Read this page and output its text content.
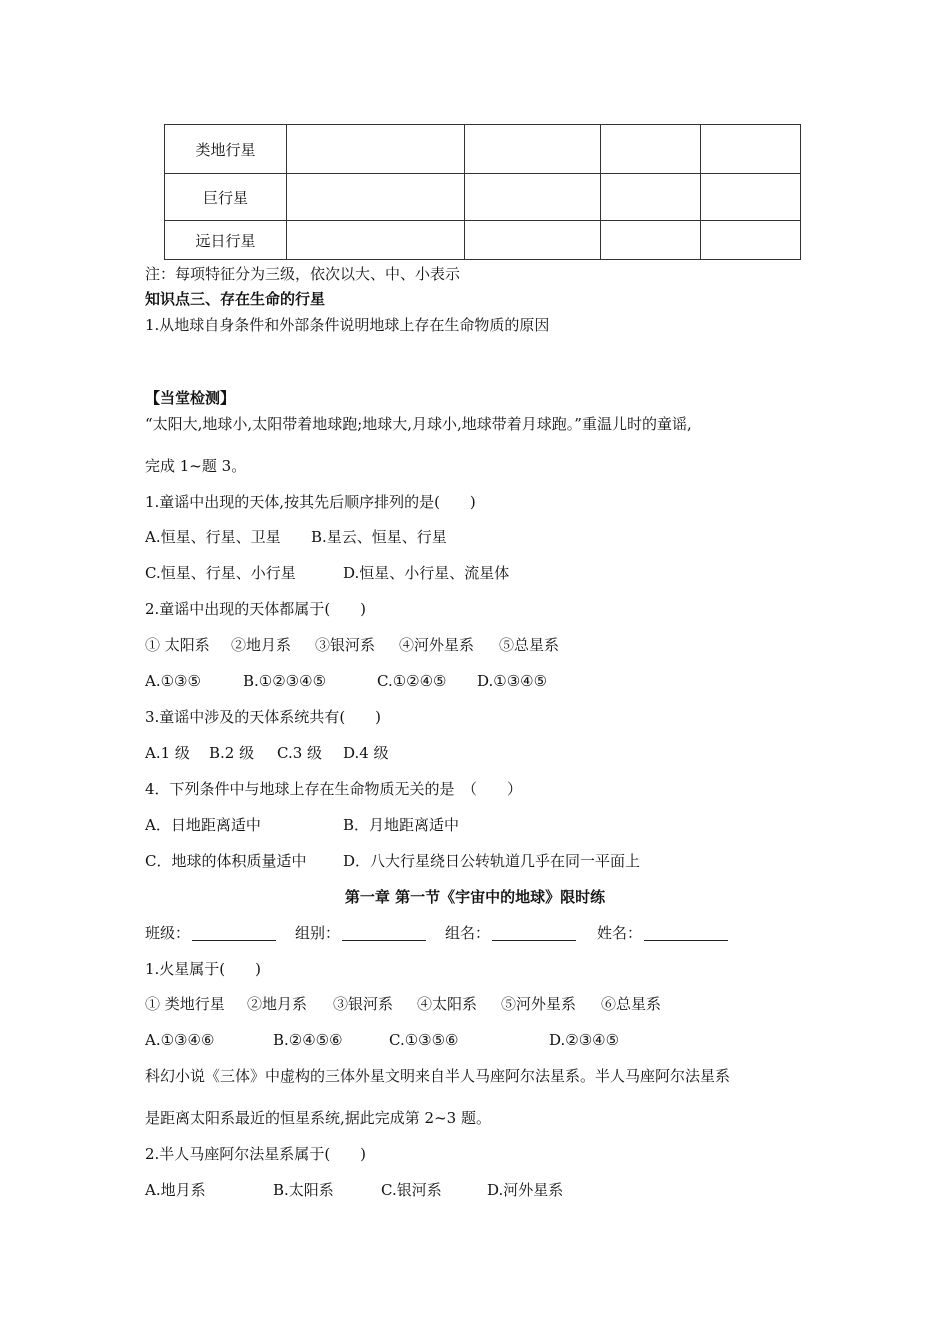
类地行星				
巨行星				
远日行星				
注：每项特征分为三级，依次以大、中、小表示
知识点三、存在生命的行星
1.从地球自身条件和外部条件说明地球上存在生命物质的原因
【当堂检测】
“太阳大,地球小,太阳带着地球跑;地球大,月球小,地球带着月球跑。”重温儿时的童谣,
完成 1~题 3。
1.童谣中出现的天体,按其先后顺序排列的是(　　)
A.恒星、行星、卫星 B.星云、恒星、行星
C.恒星、行星、小行星	D.恒星、小行星、流星体
2.童谣中出现的天体都属于(　　)
① 太阳系 ②地月系 ③银河系 ④河外星系 ⑤总星系
A.①③⑤	B.①②③④⑤	C.①②④⑤ D.①③④⑤
3.童谣中涉及的天体系统共有(　　)
A.1 级 B.2 级 C.3 级 D.4 级
4．下列条件中与地球上存在生命物质无关的是　（　　）
A．日地距离适中	B．月地距离适中
C．地球的体积质量适中 D．八大行星绕日公转轨道几乎在同一平面上
第一章 第一节《宇宙中的地球》限时练
班级：	组别：	组名：	姓名：
1.火星属于(　　)
① 类地行星 ②地月系 ③银河系 ④太阳系 ⑤河外星系 ⑥总星系
A.①③④⑥	B.②④⑤⑥	C.①③⑤⑥	D.②③④⑤
科幻小说《三体》中虚构的三体外星文明来自半人马座阿尔法星系。半人马座阿尔法星系
是距离太阳系最近的恒星系统,据此完成第 2~3 题。
2.半人马座阿尔法星系属于(　　)
A.地月系	B.太阳系	C.银河系	D.河外星系
